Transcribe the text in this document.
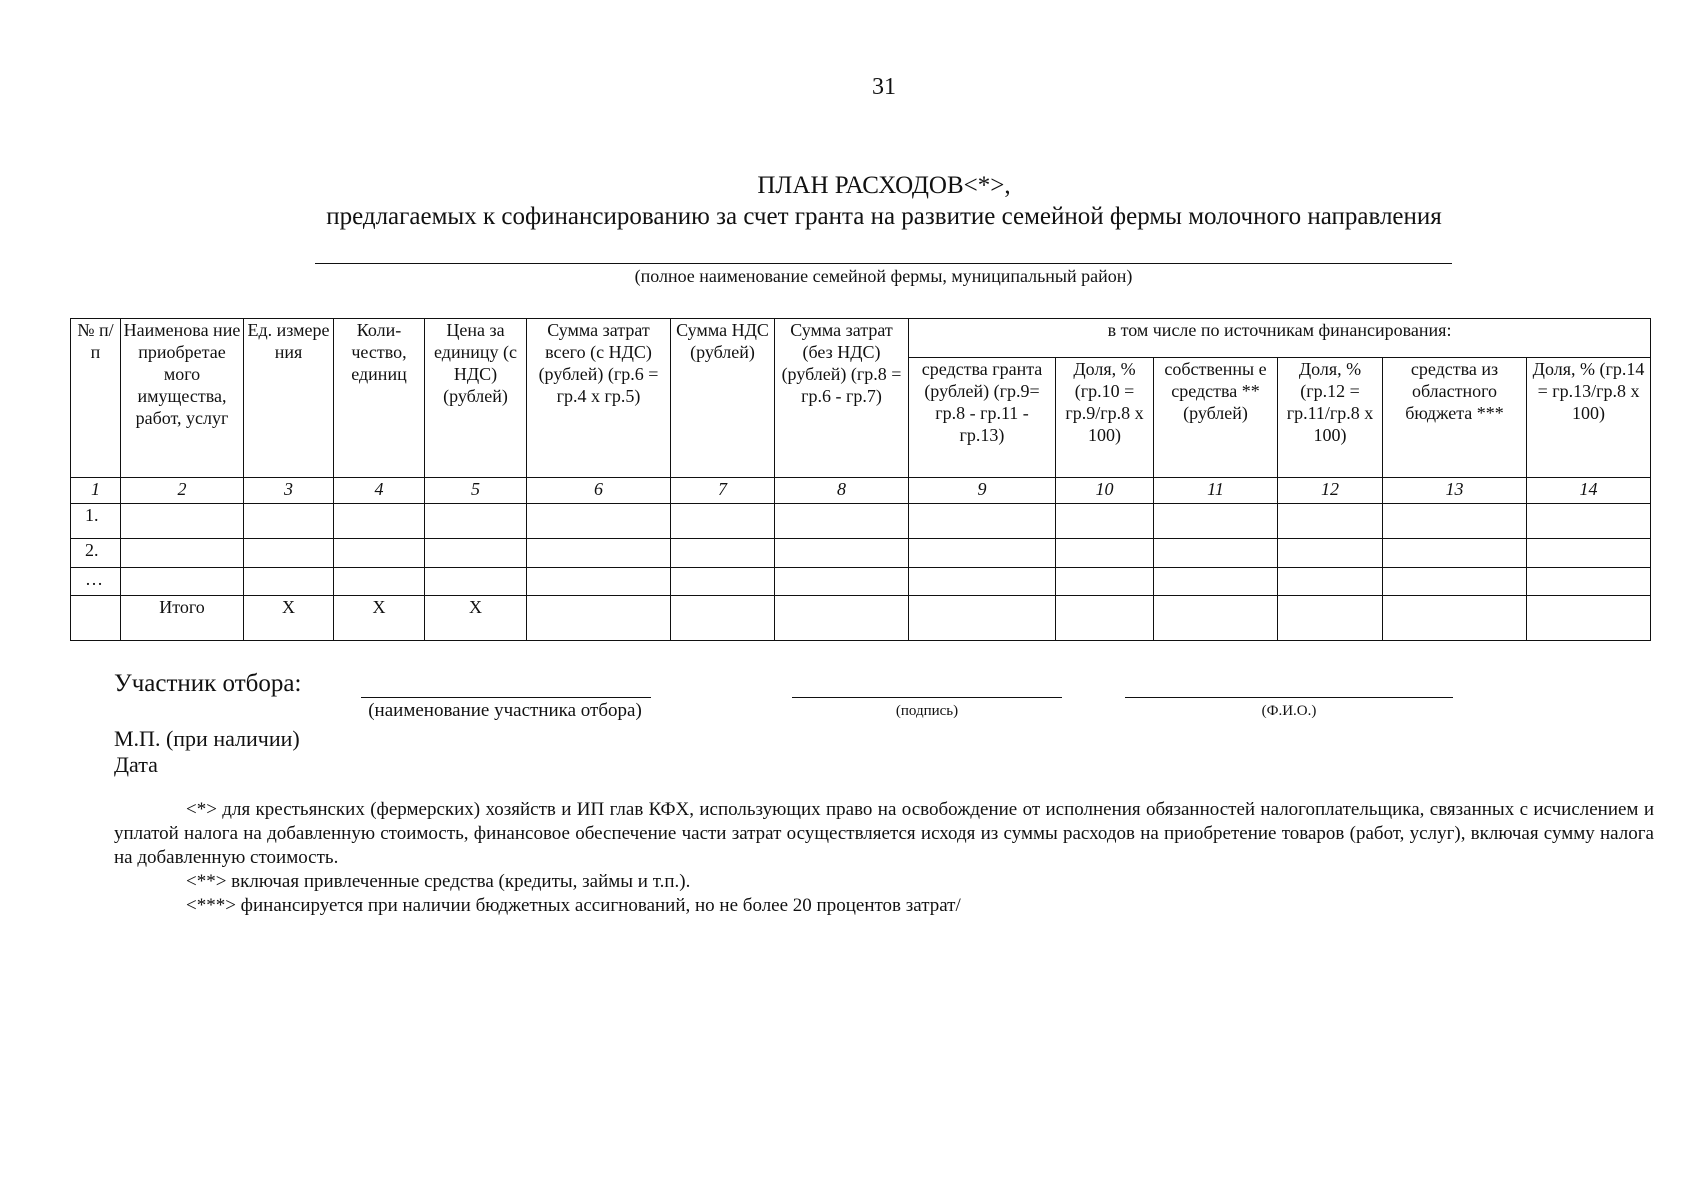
31
ПЛАН РАСХОДОВ<*>,
предлагаемых к софинансированию за счет гранта на развитие семейной фермы молочного направления
(полное наименование семейной фермы, муниципальный район)
№ п/п	Наименова ние приобретае мого имущества, работ, услуг	Ед. измере ния	Коли- чество, единиц	Цена за единицу (с НДС) (рублей)	Сумма затрат всего (с НДС) (рублей) (гр.6 = гр.4 х гр.5)	Сумма НДС (рублей)	Сумма затрат (без НДС) (рублей) (гр.8 = гр.6 - гр.7)	в том числе по источникам финансирования:					
								средства гранта (рублей) (гр.9= гр.8 - гр.11 - гр.13)	Доля, % (гр.10 = гр.9/гр.8 х 100)	собственны е средства ** (рублей)	Доля, % (гр.12 = гр.11/гр.8 х 100)	средства из областного бюджета ***	Доля, % (гр.14 = гр.13/гр.8 х 100)
1	2	3	4	5	6	7	8	9	10	11	12	13	14
1.													
2.													
…													
	Итого	Х	Х	Х									
Участник отбора:
(наименование участника отбора)	(подпись)	(Ф.И.О.)
М.П. (при наличии)
Дата

<*> для крестьянских (фермерских) хозяйств и ИП глав КФХ, использующих право на освобождение от исполнения обязанностей налогоплательщика, связанных с исчислением и уплатой налога на добавленную стоимость, финансовое обеспечение части затрат осуществляется исходя из суммы расходов на приобретение товаров (работ, услуг), включая сумму налога на добавленную стоимость.

<**> включая привлеченные средства (кредиты, займы и т.п.).

<***> финансируется при наличии бюджетных ассигнований, но не более 20 процентов затрат/
